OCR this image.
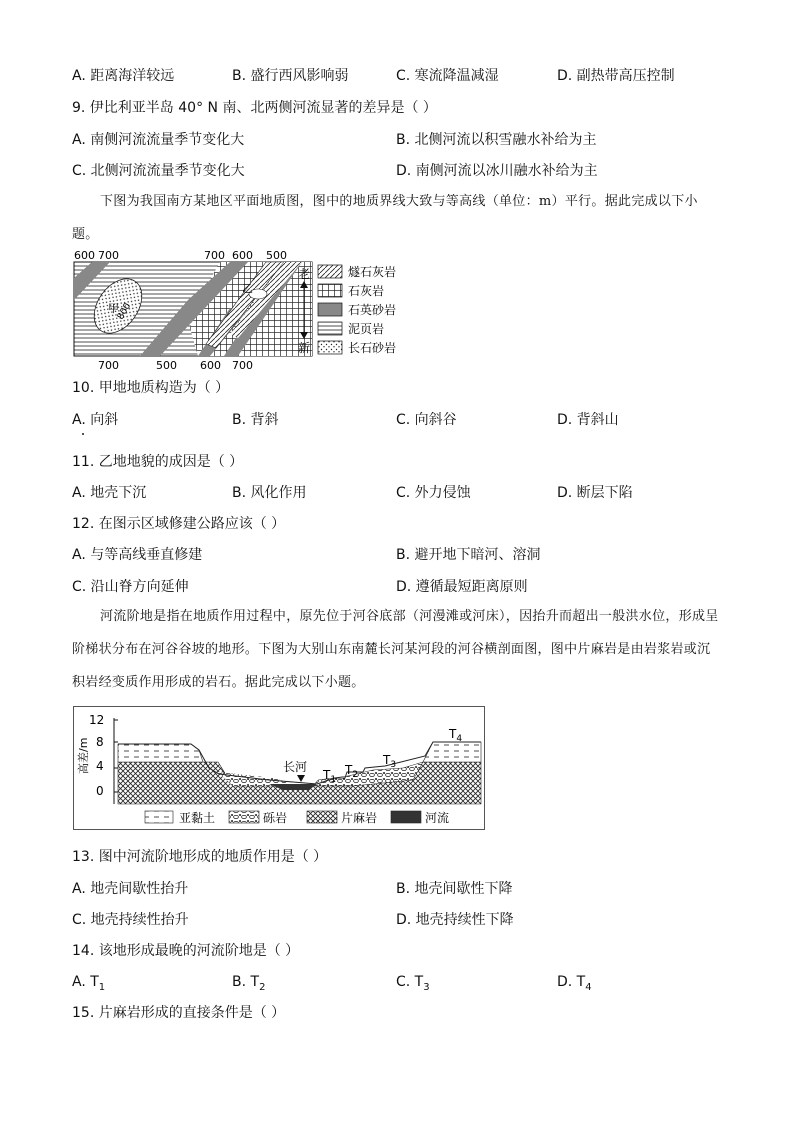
A. 距离海洋较远	B. 盛行西风影响弱	C. 寒流降温减湿	D. 副热带高压控制
9. 伊比利亚半岛 40° N 南、北两侧河流显著的差异是（ ）
A. 南侧河流流量季节变化大	B. 北侧河流以积雪融水补给为主
C. 北侧河流流量季节变化大	D. 南侧河流以冰川融水补给为主
下图为我国南方某地区平面地质图，图中的地质界线大致与等高线（单位：m）平行。据此完成以下小题。
600 700	700 600 500
700	500 600 700
甲
800
乙
老
新
燧石灰岩
石灰岩
石英砂岩
泥页岩
长石砂岩
10. 甲地地质构造为（ ）
A. 向斜	B. 背斜	C. 向斜谷	D. 背斜山
11. 乙地地貌的成因是（ ）
A. 地壳下沉	B. 风化作用	C. 外力侵蚀	D. 断层下陷
12. 在图示区域修建公路应该（ ）
A. 与等高线垂直修建	B. 避开地下暗河、溶洞
C. 沿山脊方向延伸	D. 遵循最短距离原则
河流阶地是指在地质作用过程中，原先位于河谷底部（河漫滩或河床），因抬升而超出一般洪水位，形成呈阶梯状分布在河谷谷坡的地形。下图为大别山东南麓长河某河段的河谷横剖面图，图中片麻岩是由岩浆岩或沉积岩经变质作用形成的岩石。据此完成以下小题。
12
8
4
0
高差/m	长河
$T_1$
$T_2$
$T_3$
$T_4$
亚黏土	砾岩	片麻岩	河流
13. 图中河流阶地形成的地质作用是（ ）
A. 地壳间歇性抬升	B. 地壳间歇性下降
C. 地壳持续性抬升	D. 地壳持续性下降
14. 该地形成最晚的河流阶地是（ ）
A. $T_1$	B. $T_2$	C. $T_3$	D. $T_4$
15. 片麻岩形成的直接条件是（ ）
